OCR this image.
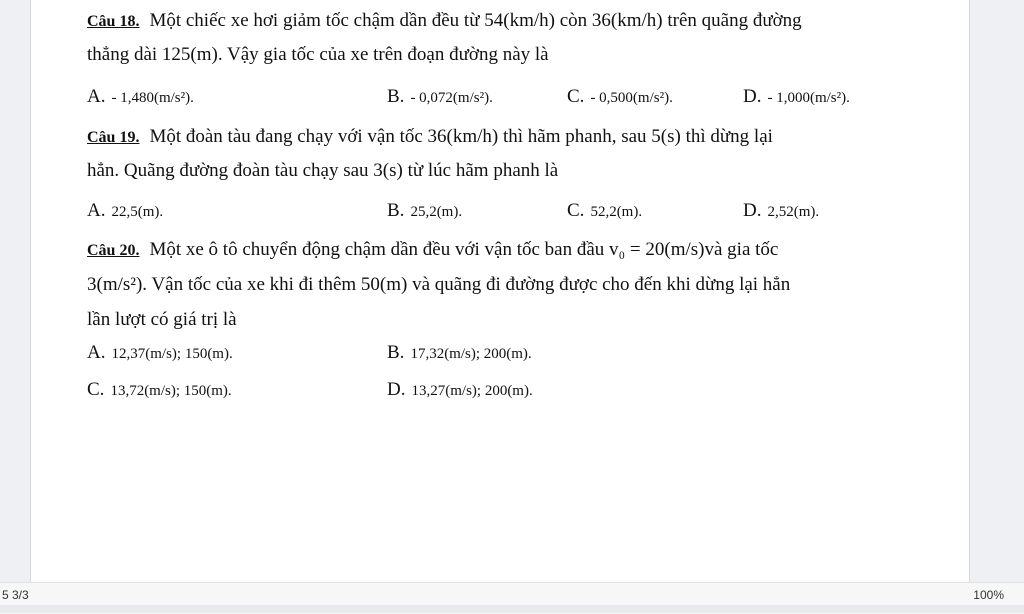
Câu 18. Một chiếc xe hơi giảm tốc chậm dần đều từ 54(km/h) còn 36(km/h) trên quãng đường
thẳng dài 125(m). Vậy gia tốc của xe trên đoạn đường này là
A. - 1,480(m/s²).	B. - 0,072(m/s²).	C. - 0,500(m/s²).	D. - 1,000(m/s²).
Câu 19. Một đoàn tàu đang chạy với vận tốc 36(km/h) thì hãm phanh, sau 5(s) thì dừng lại
hẳn. Quãng đường đoàn tàu chạy sau 3(s) từ lúc hãm phanh là
A. 22,5(m).	B. 25,2(m).	C. 52,2(m).	D. 2,52(m).
Câu 20. Một xe ô tô chuyển động chậm dần đều với vận tốc ban đầu v₀ = 20(m/s)và gia tốc
3(m/s²). Vận tốc của xe khi đi thêm 50(m) và quãng đi đường được cho đến khi dừng lại hẳn
lần lượt có giá trị là
A. 12,37(m/s); 150(m).	B. 17,32(m/s); 200(m).
C. 13,72(m/s); 150(m).	D. 13,27(m/s); 200(m).
5 3/3	100%
